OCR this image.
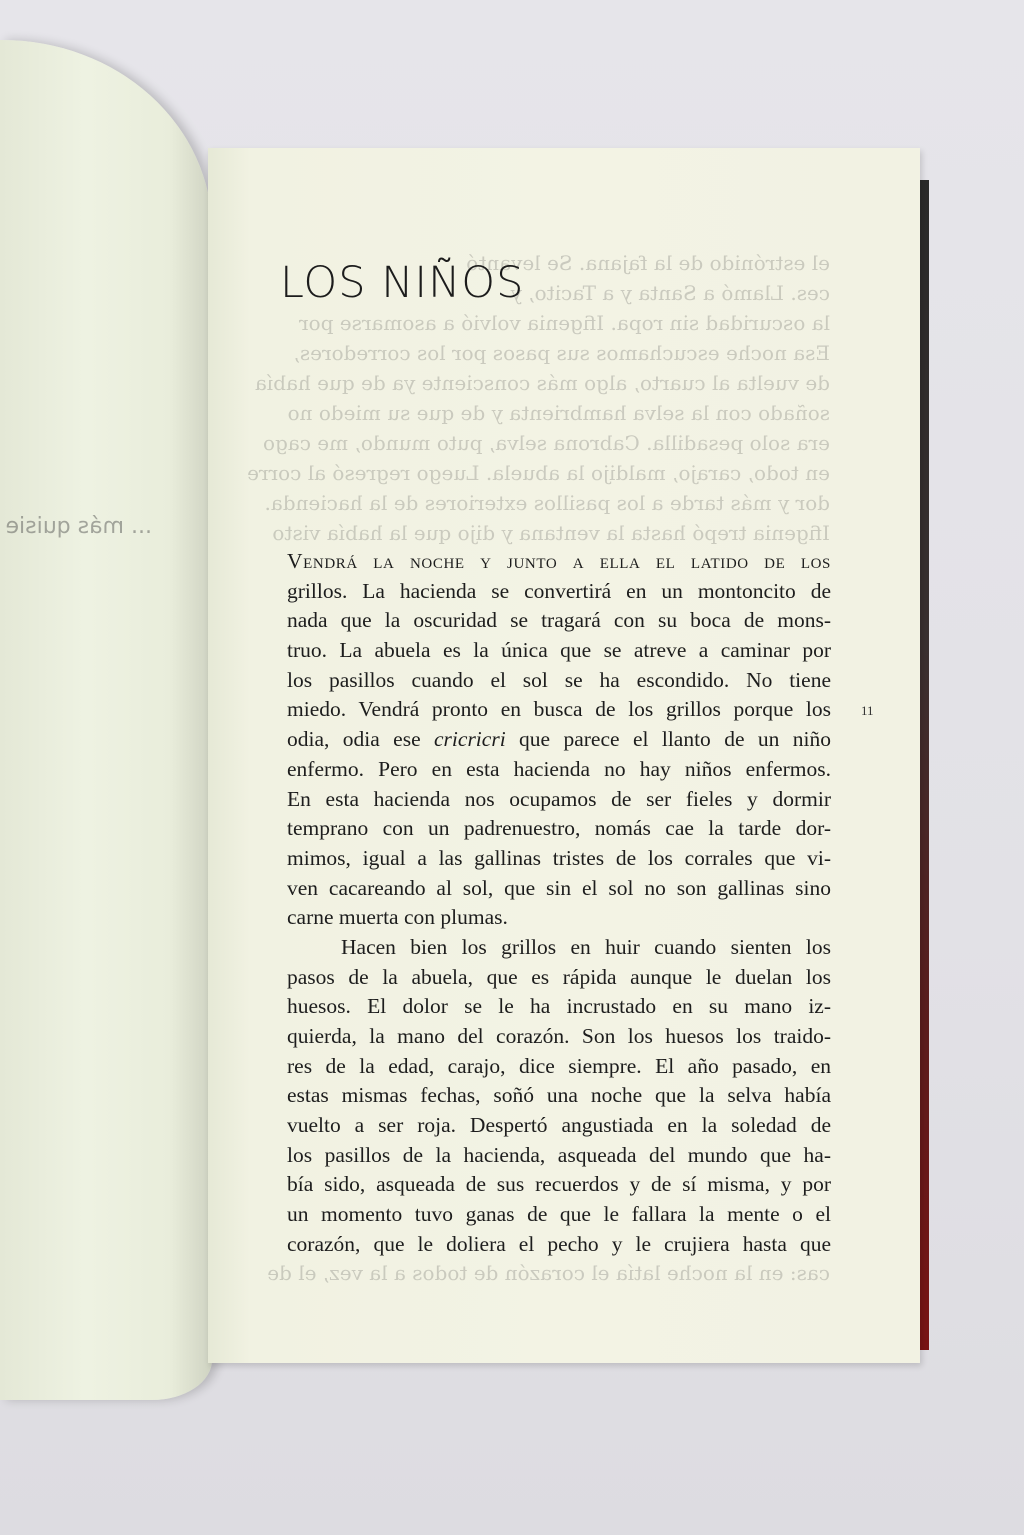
... más quisie
el estrónido de la fajana. Se levantó
ces. Llamó a Santa y a Tacito, y
la oscuridad sin ropa. Ifigenia volvió a asomarse por
Esa noche escuchamos sus pasos por los corredores,
de vuelta al cuarto, algo más consciente ya de que había
soñado con la selva hambrienta y de que su miedo no
era solo pesadilla. Cabrona selva, puto mundo, me cago
en todo, carajo, maldijo la abuela. Luego regresó al corre
dor y más tarde a los pasillos exteriores de la hacienda.
Ifigenia trepó hasta la ventana y dijo que la había visto
cas: en la noche latía el corazón de todos a la vez, el de
LOS NIÑOS
Vendrá la noche y junto a ella el latido de los
grillos. La hacienda se convertirá en un montoncito de
nada que la oscuridad se tragará con su boca de mons-
truo. La abuela es la única que se atreve a caminar por
los pasillos cuando el sol se ha escondido. No tiene
miedo. Vendrá pronto en busca de los grillos porque los
odia, odia ese cricricri que parece el llanto de un niño
enfermo. Pero en esta hacienda no hay niños enfermos.
En esta hacienda nos ocupamos de ser fieles y dormir
temprano con un padrenuestro, nomás cae la tarde dor-
mimos, igual a las gallinas tristes de los corrales que vi-
ven cacareando al sol, que sin el sol no son gallinas sino
carne muerta con plumas.
Hacen bien los grillos en huir cuando sienten los
pasos de la abuela, que es rápida aunque le duelan los
huesos. El dolor se le ha incrustado en su mano iz-
quierda, la mano del corazón. Son los huesos los traido-
res de la edad, carajo, dice siempre. El año pasado, en
estas mismas fechas, soñó una noche que la selva había
vuelto a ser roja. Despertó angustiada en la soledad de
los pasillos de la hacienda, asqueada del mundo que ha-
bía sido, asqueada de sus recuerdos y de sí misma, y por
un momento tuvo ganas de que le fallara la mente o el
corazón, que le doliera el pecho y le crujiera hasta que
11
